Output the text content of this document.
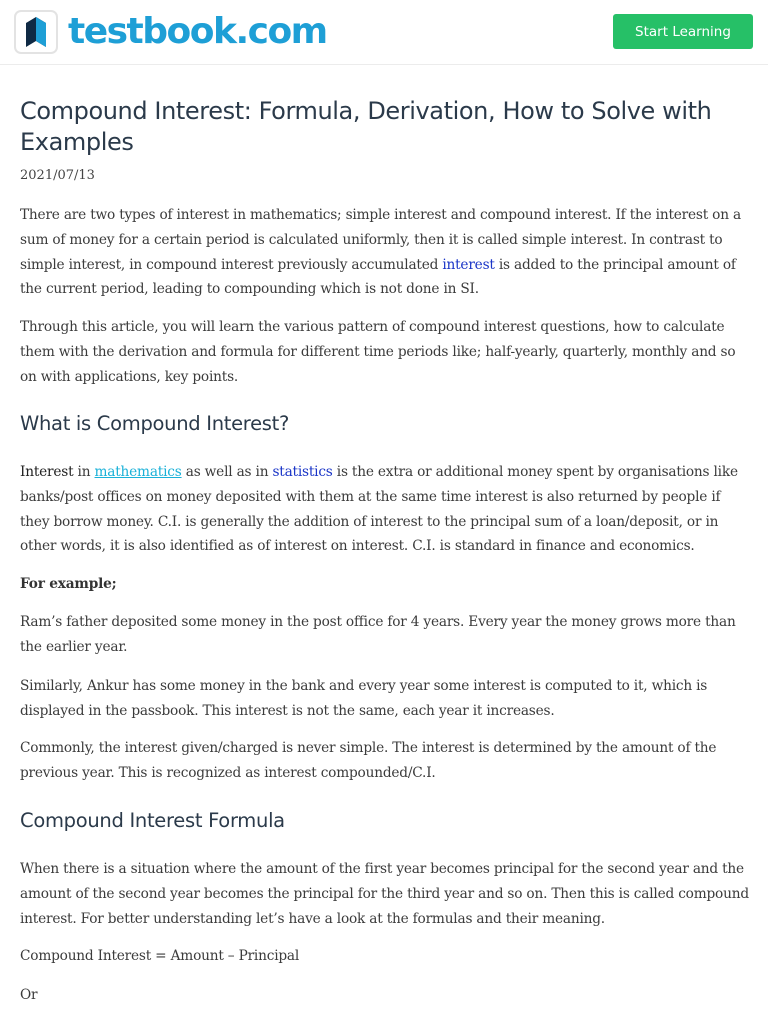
testbook.com	Start Learning
Compound Interest: Formula, Derivation, How to Solve with Examples
2021/07/13

There are two types of interest in mathematics; simple interest and compound interest. If the interest on a sum of money for a certain period is calculated uniformly, then it is called simple interest. In contrast to simple interest, in compound interest previously accumulated interest is added to the principal amount of the current period, leading to compounding which is not done in SI.

Through this article, you will learn the various pattern of compound interest questions, how to calculate them with the derivation and formula for different time periods like; half-yearly, quarterly, monthly and so on with applications, key points.

What is Compound Interest?

Interest in mathematics as well as in statistics is the extra or additional money spent by organisations like banks/post offices on money deposited with them at the same time interest is also returned by people if they borrow money. C.I. is generally the addition of interest to the principal sum of a loan/deposit, or in other words, it is also identified as of interest on interest. C.I. is standard in finance and economics.

For example;

Ram’s father deposited some money in the post office for 4 years. Every year the money grows more than the earlier year.

Similarly, Ankur has some money in the bank and every year some interest is computed to it, which is displayed in the passbook. This interest is not the same, each year it increases.

Commonly, the interest given/charged is never simple. The interest is determined by the amount of the previous year. This is recognized as interest compounded/C.I.

Compound Interest Formula

When there is a situation where the amount of the first year becomes principal for the second year and the amount of the second year becomes the principal for the third year and so on. Then this is called compound interest. For better understanding let’s have a look at the formulas and their meaning.

Compound Interest = Amount – Principal

Or
